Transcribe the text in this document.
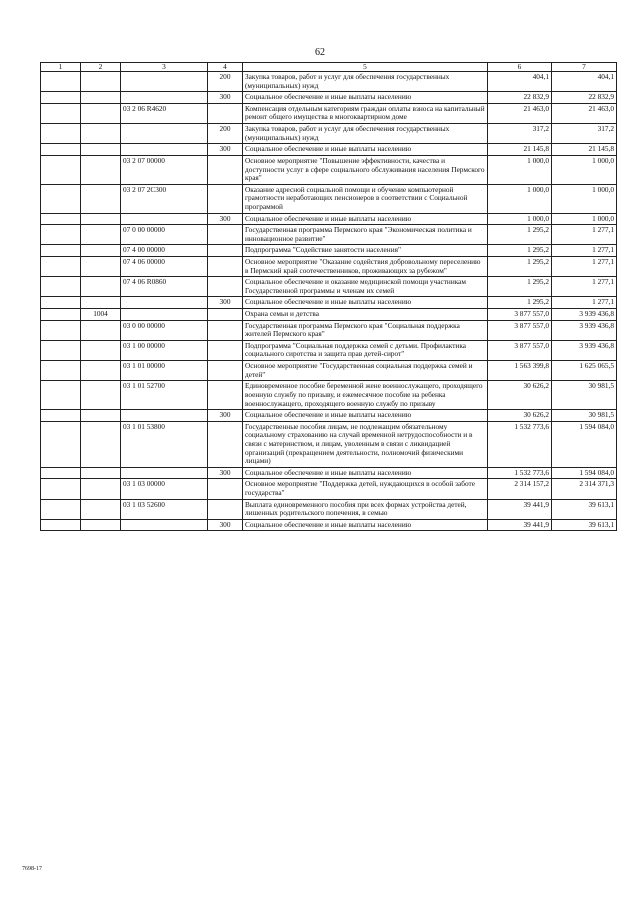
62
1	2	3	4	5	6	7
			200	Закупка товаров, работ и услуг для обеспечения государственных (муниципальных) нужд	404,1	404,1
			300	Социальное обеспечение и иные выплаты населению	22 832,9	22 832,9
		03 2 06 R4620		Компенсация отдельным категориям граждан оплаты взноса на капитальный ремонт общего имущества в многоквартирном доме	21 463,0	21 463,0
			200	Закупка товаров, работ и услуг для обеспечения государственных (муниципальных) нужд	317,2	317,2
			300	Социальное обеспечение и иные выплаты населению	21 145,8	21 145,8
		03 2 07 00000		Основное мероприятие "Повышение эффективности, качества и доступности услуг в сфере социального обслуживания населения Пермского края"	1 000,0	1 000,0
		03 2 07 2С300		Оказание адресной социальной помощи и обучение компьютерной грамотности неработающих пенсионеров в соответствии с Социальной программой	1 000,0	1 000,0
			300	Социальное обеспечение и иные выплаты населению	1 000,0	1 000,0
		07 0 00 00000		Государственная программа Пермского края "Экономическая политика и инновационное развитие"	1 295,2	1 277,1
		07 4 00 00000		Подпрограмма "Содействие занятости населения"	1 295,2	1 277,1
		07 4 06 00000		Основное мероприятие "Оказание содействия добровольному переселению в Пермский край соотечественников, проживающих за рубежом"	1 295,2	1 277,1
		07 4 06 R0860		Социальное обеспечение и оказание медицинской помощи участникам Государственной программы и членам их семей	1 295,2	1 277,1
			300	Социальное обеспечение и иные выплаты населению	1 295,2	1 277,1
	1004			Охрана семьи и детства	3 877 557,0	3 939 436,8
		03 0 00 00000		Государственная программа Пермского края "Социальная поддержка жителей Пермского края"	3 877 557,0	3 939 436,8
		03 1 00 00000		Подпрограмма "Социальная поддержка семей с детьми. Профилактика социального сиротства и защита прав детей-сирот"	3 877 557,0	3 939 436,8
		03 1 01 00000		Основное мероприятие "Государственная социальная поддержка семей и детей"	1 563 399,8	1 625 065,5
		03 1 01 52700		Единовременное пособие беременной жене военнослужащего, проходящего военную службу по призыву, и ежемесячное пособие на ребенка военнослужащего, проходящего военную службу по призыву	30 626,2	30 981,5
			300	Социальное обеспечение и иные выплаты населению	30 626,2	30 981,5
		03 1 01 53800		Государственные пособия лицам, не подлежащим обязательному социальному страхованию на случай временной нетрудоспособности и в связи с материнством, и лицам, уволенным в связи с ликвидацией организаций (прекращением деятельности, полномочий физическими лицами)	1 532 773,6	1 594 084,0
			300	Социальное обеспечение и иные выплаты населению	1 532 773,6	1 594 084,0
		03 1 03 00000		Основное мероприятие "Поддержка детей, нуждающихся в особой заботе государства"	2 314 157,2	2 314 371,3
		03 1 03 52600		Выплата единовременного пособия при всех формах устройства детей, лишенных родительского попечения, в семью	39 441,9	39 613,1
			300	Социальное обеспечение и иные выплаты населению	39 441,9	39 613,1
7698-17
